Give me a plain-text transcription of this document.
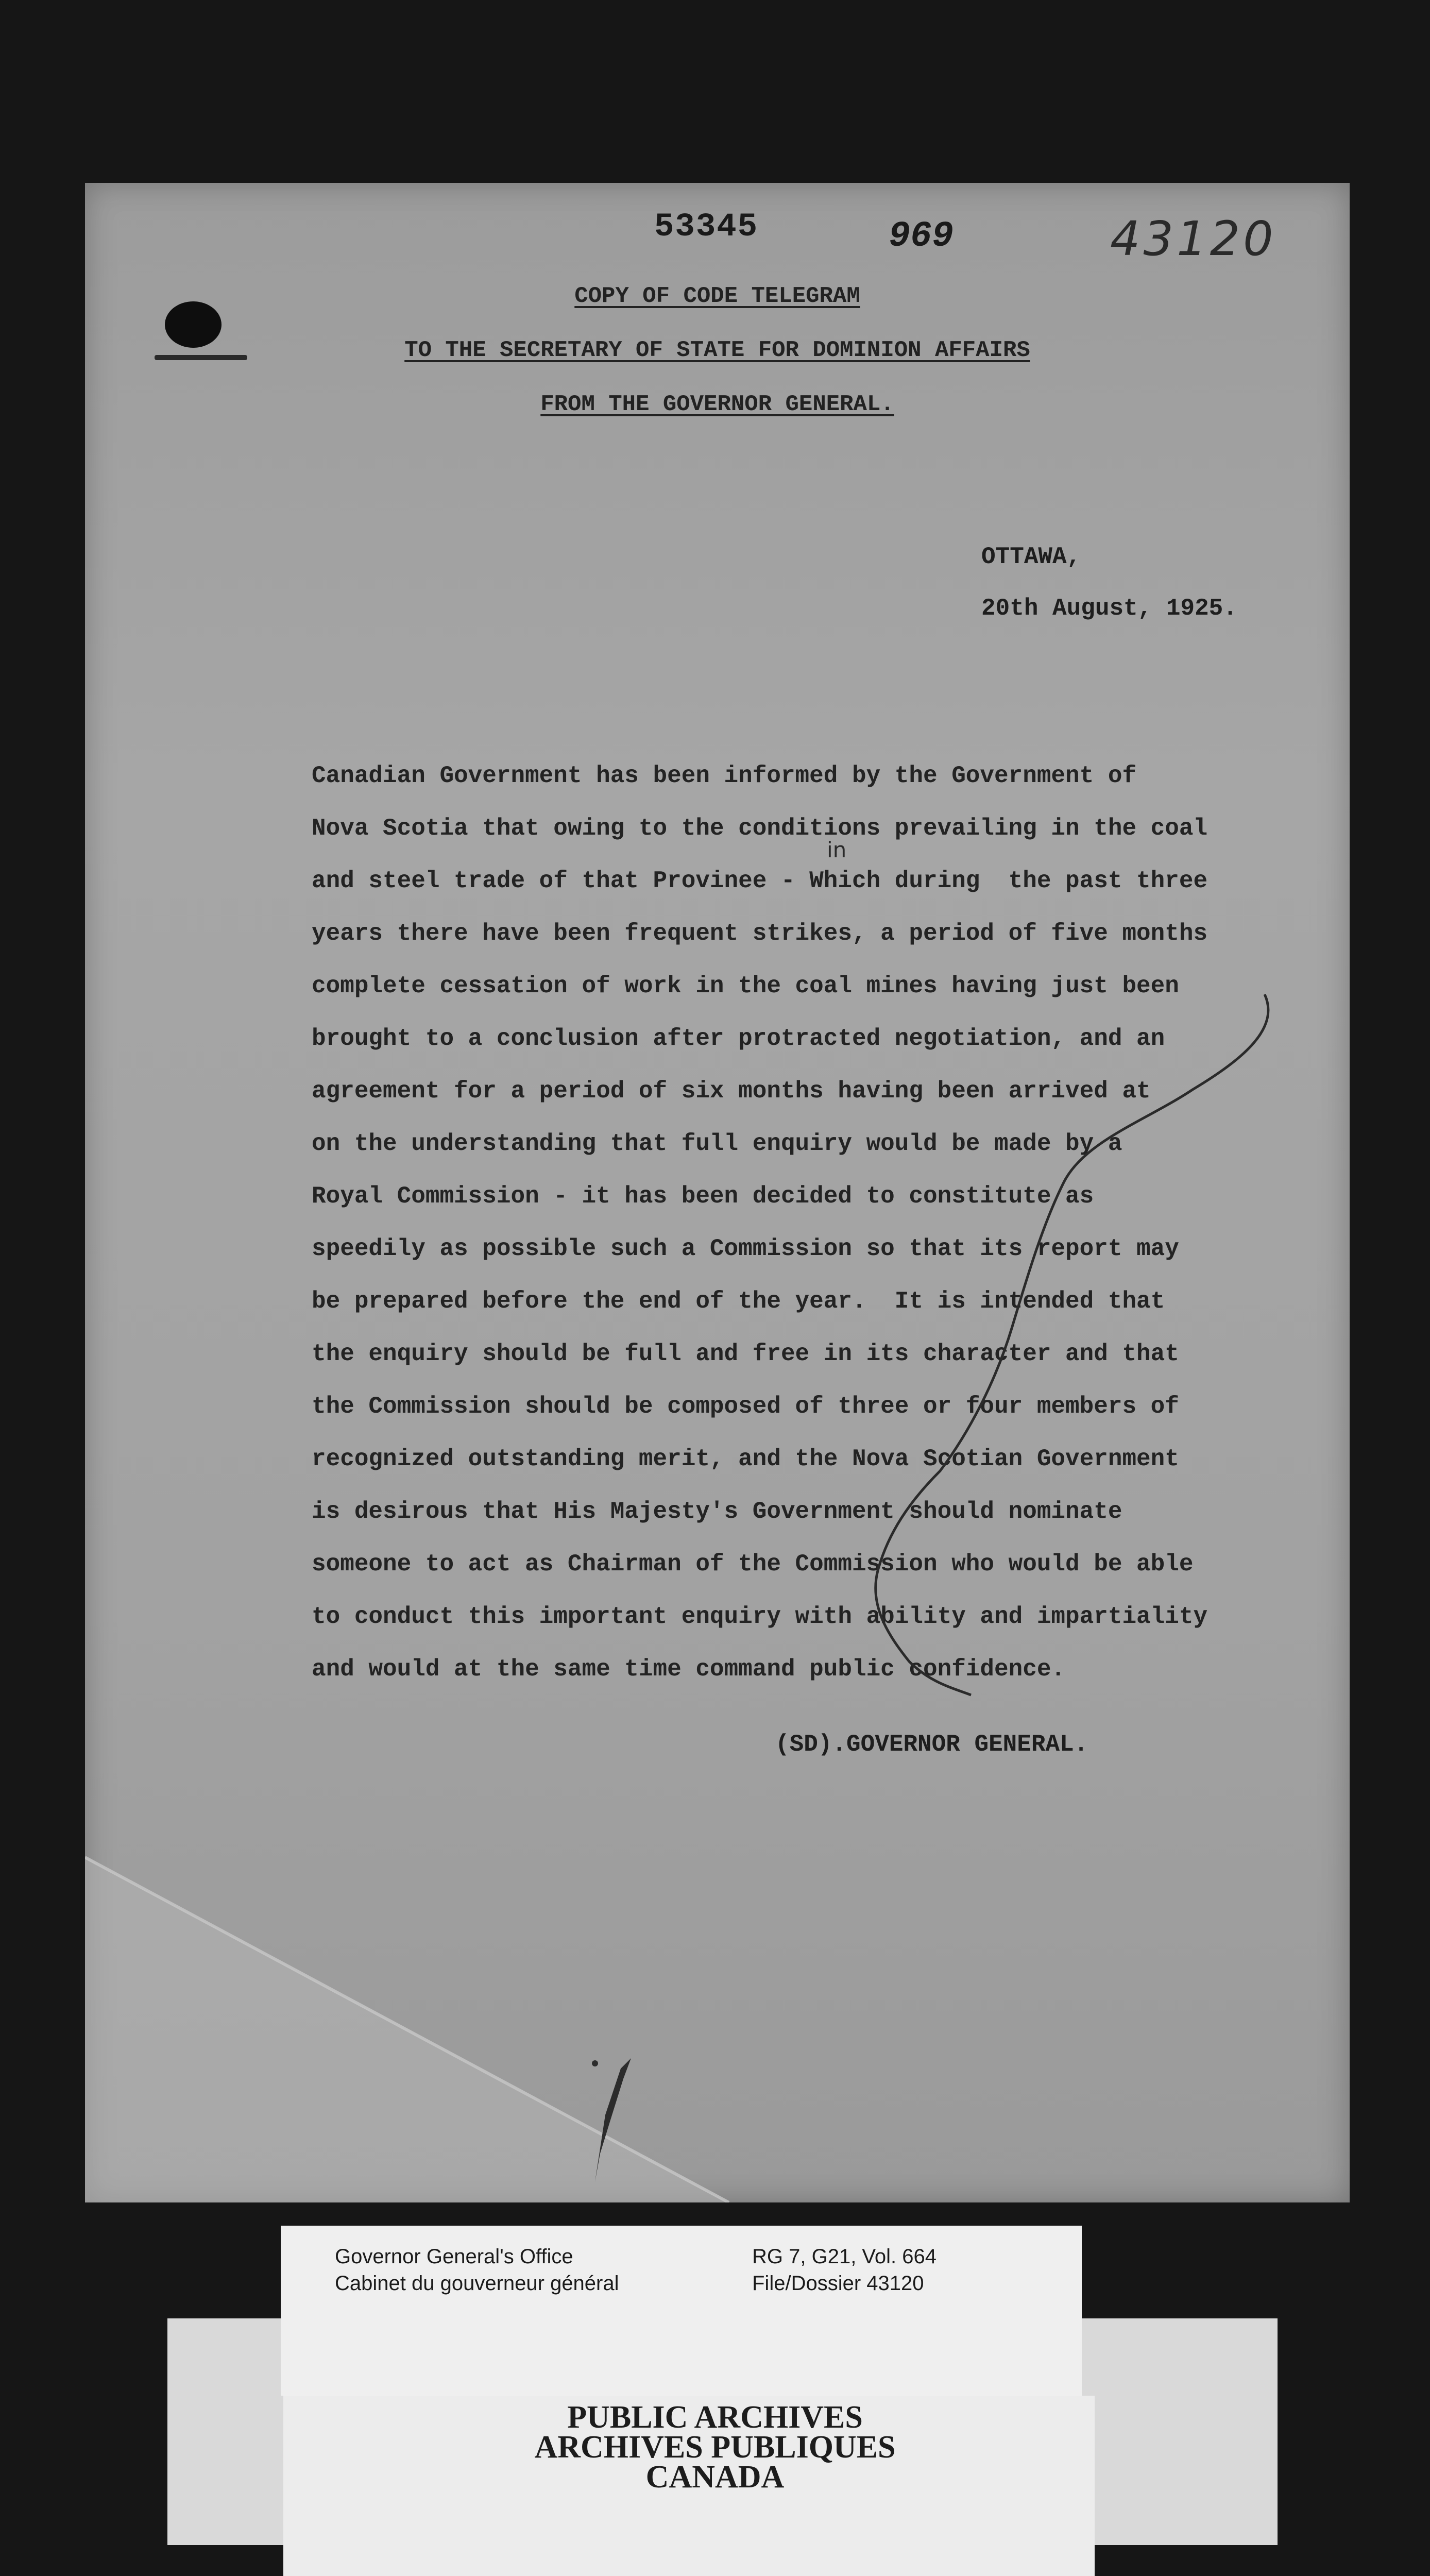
53345	969	43120
COPY OF CODE TELEGRAM
TO THE SECRETARY OF STATE FOR DOMINION AFFAIRS
FROM THE GOVERNOR GENERAL.
OTTAWA,
20th August, 1925.
in
Canadian Government has been informed by the Government of
Nova Scotia that owing to the conditions prevailing in the coal
and steel trade of that Provinee - Which during  the past three
years there have been frequent strikes, a period of five months
complete cessation of work in the coal mines having just been
brought to a conclusion after protracted negotiation, and an
agreement for a period of six months having been arrived at
on the understanding that full enquiry would be made by a
Royal Commission - it has been decided to constitute as
speedily as possible such a Commission so that its report may
be prepared before the end of the year.  It is intended that
the enquiry should be full and free in its character and that
the Commission should be composed of three or four members of
recognized outstanding merit, and the Nova Scotian Government
is desirous that His Majesty's Government should nominate
someone to act as Chairman of the Commission who would be able
to conduct this important enquiry with ability and impartiality
and would at the same time command public confidence.
(SD).GOVERNOR GENERAL.
Governor General's Office
Cabinet du gouverneur général
RG 7, G21, Vol. 664
File/Dossier 43120
PUBLIC ARCHIVES
ARCHIVES PUBLIQUES
CANADA
